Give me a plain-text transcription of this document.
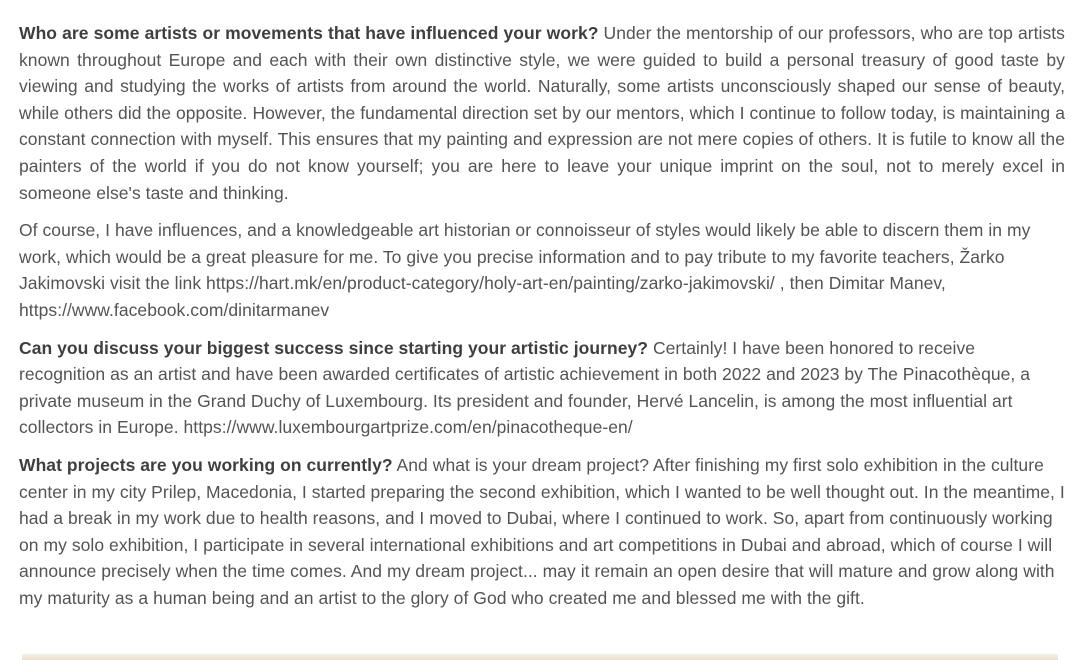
Who are some artists or movements that have influenced your work? Under the mentorship of our professors, who are top artists known throughout Europe and each with their own distinctive style, we were guided to build a personal treasury of good taste by viewing and studying the works of artists from around the world. Naturally, some artists unconsciously shaped our sense of beauty, while others did the opposite. However, the fundamental direction set by our mentors, which I continue to follow today, is maintaining a constant connection with myself. This ensures that my painting and expression are not mere copies of others. It is futile to know all the painters of the world if you do not know yourself; you are here to leave your unique imprint on the soul, not to merely excel in someone else's taste and thinking.

Of course, I have influences, and a knowledgeable art historian or connoisseur of styles would likely be able to discern them in my work, which would be a great pleasure for me. To give you precise information and to pay tribute to my favorite teachers, Žarko Jakimovski visit the link https://hart.mk/en/product-category/holy-art-en/painting/zarko-jakimovski/ , then Dimitar Manev, https://www.facebook.com/dinitarmanev

Can you discuss your biggest success since starting your artistic journey? Certainly! I have been honored to receive recognition as an artist and have been awarded certificates of artistic achievement in both 2022 and 2023 by The Pinacothèque, a private museum in the Grand Duchy of Luxembourg. Its president and founder, Hervé Lancelin, is among the most influential art collectors in Europe. https://www.luxembourgartprize.com/en/pinacotheque-en/

What projects are you working on currently? And what is your dream project? After finishing my first solo exhibition in the culture center in my city Prilep, Macedonia, I started preparing the second exhibition, which I wanted to be well thought out. In the meantime, I had a break in my work due to health reasons, and I moved to Dubai, where I continued to work. So, apart from continuously working on my solo exhibition, I participate in several international exhibitions and art competitions in Dubai and abroad, which of course I will announce precisely when the time comes. And my dream project... may it remain an open desire that will mature and grow along with my maturity as a human being and an artist to the glory of God who created me and blessed me with the gift.
